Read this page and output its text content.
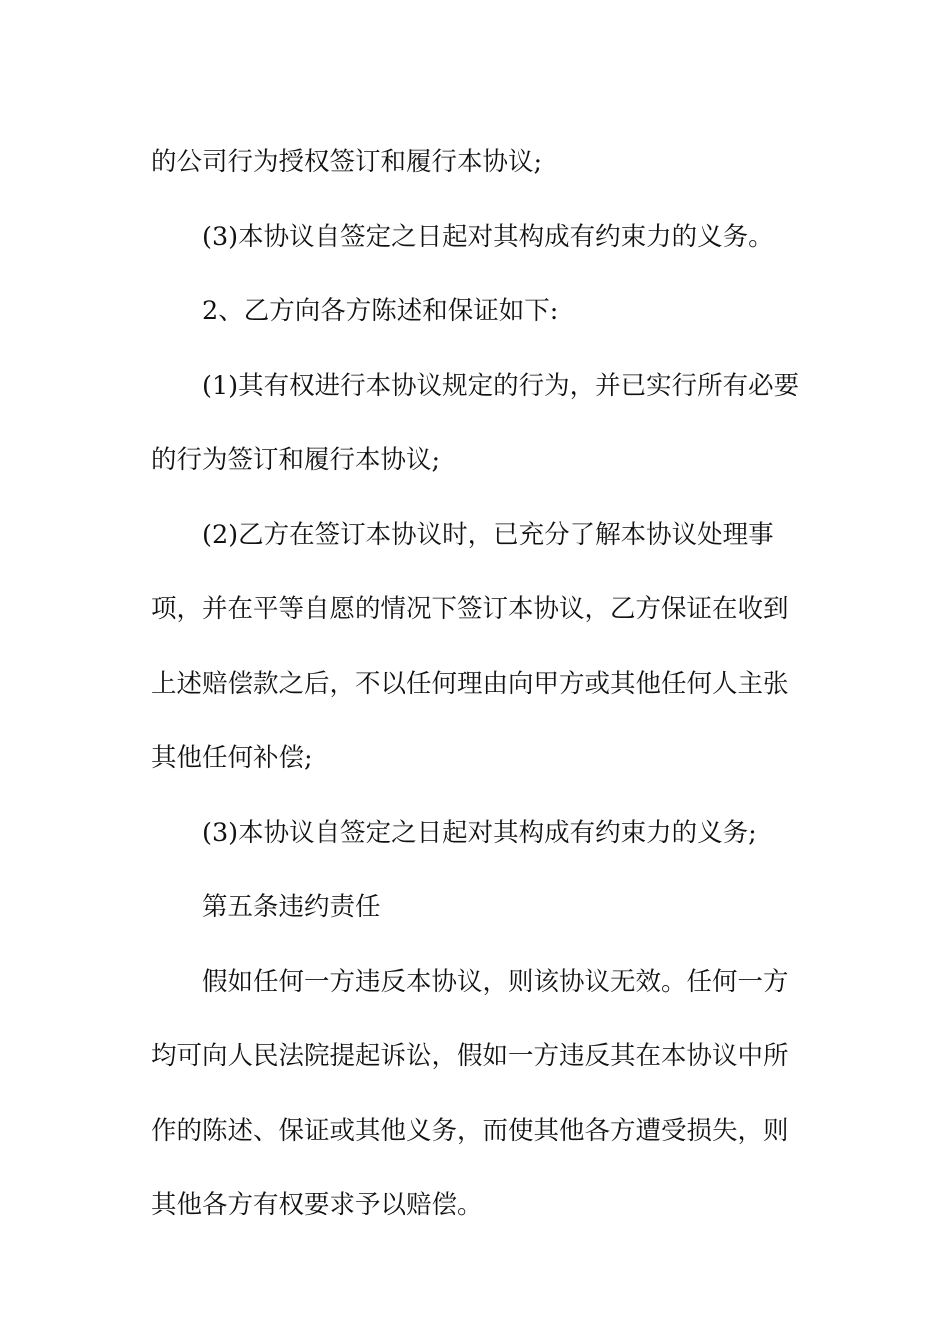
的公司行为授权签订和履行本协议;

(3)本协议自签定之日起对其构成有约束力的义务。

2、乙方向各方陈述和保证如下:

(1)其有权进行本协议规定的行为，并已实行所有必要

的行为签订和履行本协议;

(2)乙方在签订本协议时，已充分了解本协议处理事

项，并在平等自愿的情况下签订本协议，乙方保证在收到

上述赔偿款之后，不以任何理由向甲方或其他任何人主张

其他任何补偿;

(3)本协议自签定之日起对其构成有约束力的义务;

第五条违约责任

假如任何一方违反本协议，则该协议无效。任何一方

均可向人民法院提起诉讼，假如一方违反其在本协议中所

作的陈述、保证或其他义务，而使其他各方遭受损失，则

其他各方有权要求予以赔偿。
